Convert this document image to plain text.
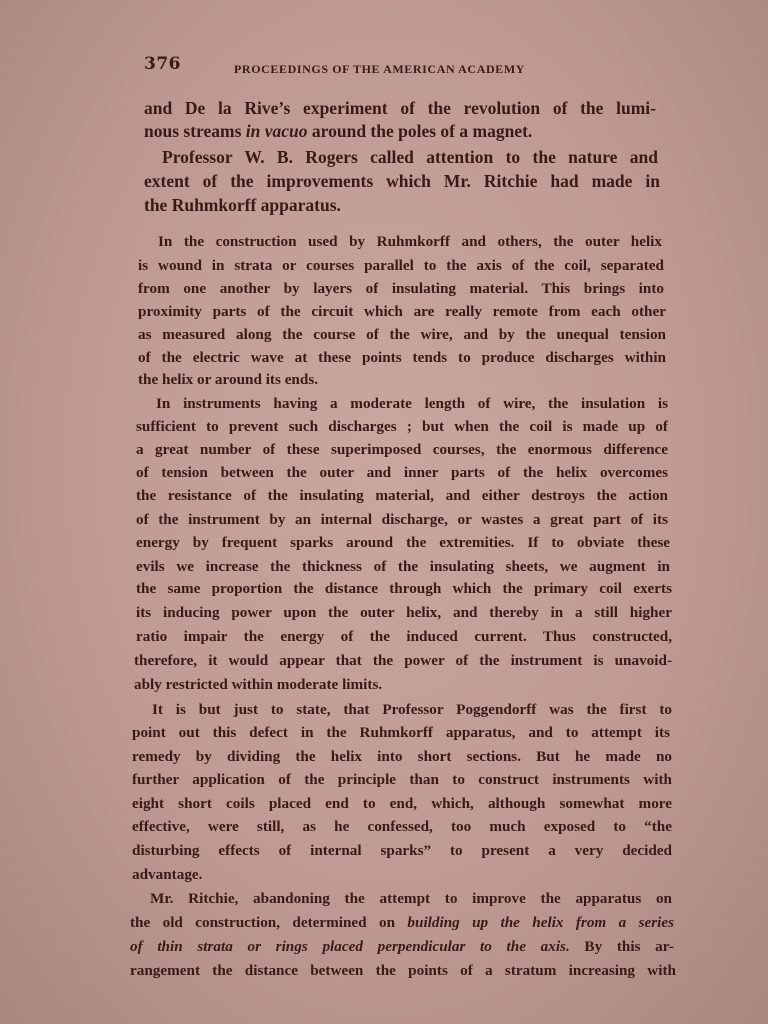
376	PROCEEDINGS OF THE AMERICAN ACADEMY
and De la Rive’s experiment of the revolution of the lumi-
nous streams in vacuo around the poles of a magnet.
Professor W. B. Rogers called attention to the nature and
extent of the improvements which Mr. Ritchie had made in
the Ruhmkorff apparatus.
In the construction used by Ruhmkorff and others, the outer helix
is wound in strata or courses parallel to the axis of the coil, separated
from one another by layers of insulating material. This brings into
proximity parts of the circuit which are really remote from each other
as measured along the course of the wire, and by the unequal tension
of the electric wave at these points tends to produce discharges within
the helix or around its ends.
In instruments having a moderate length of wire, the insulation is
sufficient to prevent such discharges ; but when the coil is made up of
a great number of these superimposed courses, the enormous difference
of tension between the outer and inner parts of the helix overcomes
the resistance of the insulating material, and either destroys the action
of the instrument by an internal discharge, or wastes a great part of its
energy by frequent sparks around the extremities. If to obviate these
evils we increase the thickness of the insulating sheets, we augment in
the same proportion the distance through which the primary coil exerts
its inducing power upon the outer helix, and thereby in a still higher
ratio impair the energy of the induced current. Thus constructed,
therefore, it would appear that the power of the instrument is unavoid-
ably restricted within moderate limits.
It is but just to state, that Professor Poggendorff was the first to
point out this defect in the Ruhmkorff apparatus, and to attempt its
remedy by dividing the helix into short sections. But he made no
further application of the principle than to construct instruments with
eight short coils placed end to end, which, although somewhat more
effective, were still, as he confessed, too much exposed to “the
disturbing effects of internal sparks” to present a very decided
advantage.
Mr. Ritchie, abandoning the attempt to improve the apparatus on
the old construction, determined on building up the helix from a series
of thin strata or rings placed perpendicular to the axis. By this ar-
rangement the distance between the points of a stratum increasing with
